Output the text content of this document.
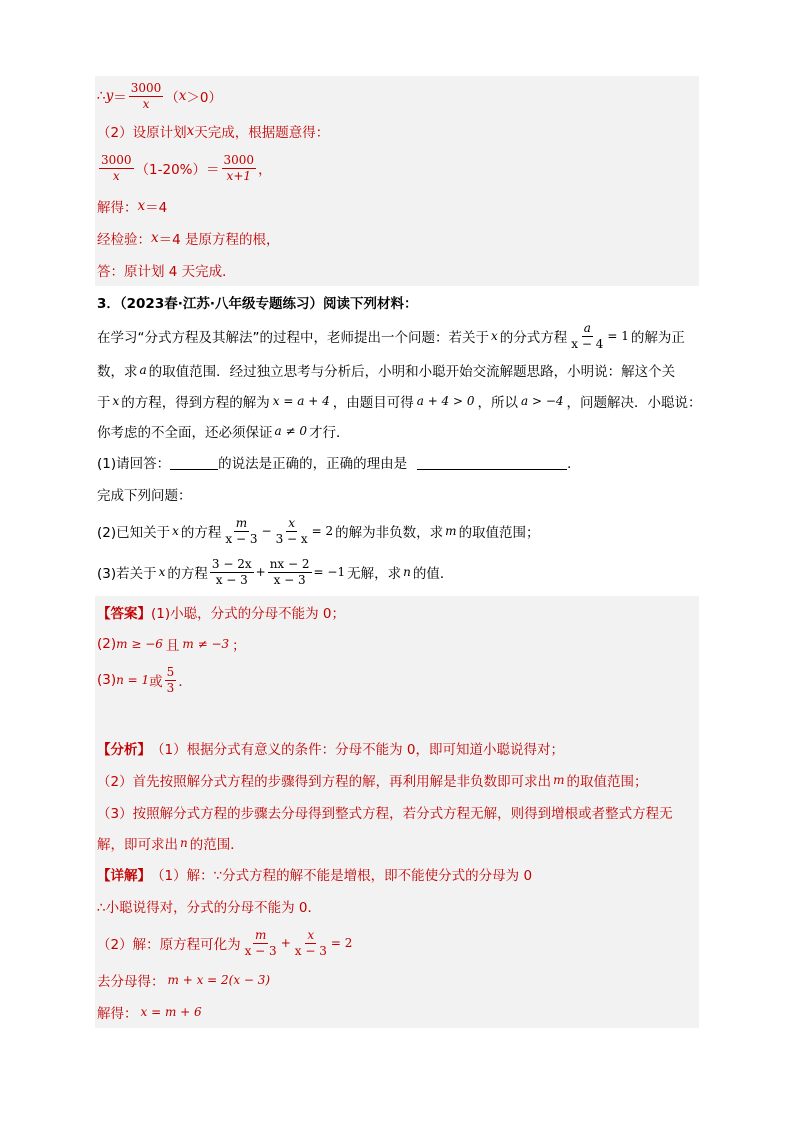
∴ $y = \frac{3000}{x}$ （ x ＞0）
（2）设原计划 x 天完成，根据题意得：
$\frac{3000}{x} (1-20\%)= \frac{3000}{x+1}$ ，
解得： x ＝4
经检验： x ＝4 是原方程的根，
答：原计划 4 天完成．
3．（2023春·江苏·八年级专题练习）阅读下列材料：
在学习“分式方程及其解法”的过程中，老师提出一个问题：若关于 x 的分式方程 $\frac{a}{x - 4} = 1$ 的解为正
数，求 a 的取值范围．经过独立思考与分析后，小明和小聪开始交流解题思路，小明说：解这个关
于 x 的方程，得到方程的解为 x = a + 4 ，由题目可得 a + 4 > 0 ，所以 a > −4 ，问题解决．小聪说：
你考虑的不全面，还必须保证 a ≠ 0 才行．
(1)请回答：	的说法是正确的，正确的理由是	．
完成下列问题：
(2)已知关于 x 的方程 $\frac{m}{x - 3} - \frac{x}{3 - x} = 2$ 的解为非负数，求 m 的取值范围；
(3)若关于 x 的方程 $\frac{3 - 2x}{x - 3} + \frac{nx - 2}{x - 3} = -1$ 无解，求 n 的值．
【答案】 (1)小聪，分式的分母不能为 0；
(2) m ≥ −6 且 m ≠ −3 ；
(3) n = 1 或 $\frac{5}{3}$ ．
【分析】 （1）根据分式有意义的条件：分母不能为 0，即可知道小聪说得对；
（2）首先按照解分式方程的步骤得到方程的解，再利用解是非负数即可求出 m 的取值范围；
（3）按照解分式方程的步骤去分母得到整式方程，若分式方程无解，则得到增根或者整式方程无
解，即可求出 n 的范围．
【详解】 （1）解：∵分式方程的解不能是增根，即不能使分式的分母为 0
∴小聪说得对，分式的分母不能为 0．
（2）解：原方程可化为 $\frac{m}{x - 3} + \frac{x}{x - 3} = 2$
去分母得： m + x = 2(x − 3)
解得： x = m + 6
